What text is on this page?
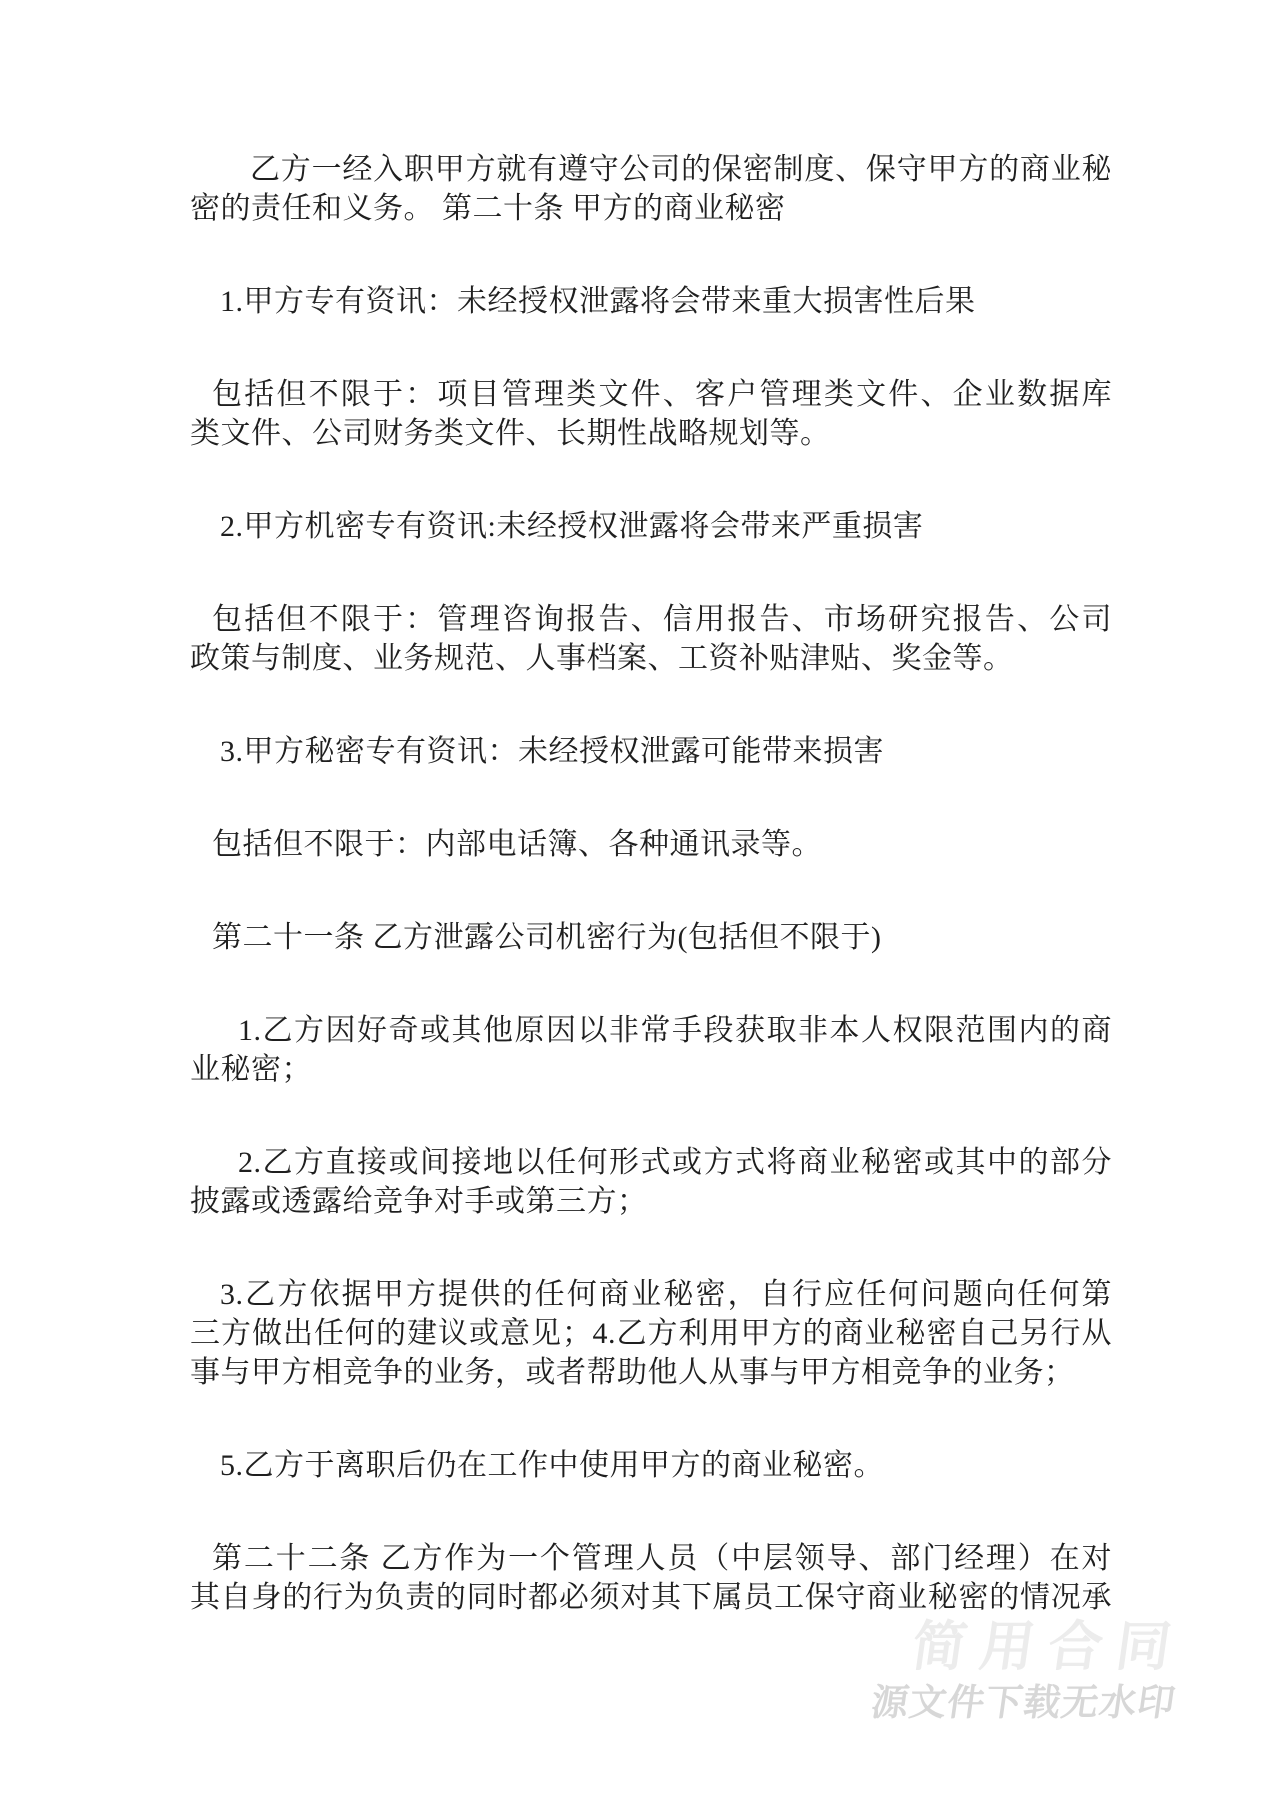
简用合同
源文件下载无水印
乙方一经入职甲方就有遵守公司的保密制度、保守甲方的商业秘
密的责任和义务。 第二十条 甲方的商业秘密
1.甲方专有资讯：未经授权泄露将会带来重大损害性后果
包括但不限于：项目管理类文件、客户管理类文件、企业数据库
类文件、公司财务类文件、长期性战略规划等。
2.甲方机密专有资讯:未经授权泄露将会带来严重损害
包括但不限于：管理咨询报告、信用报告、市场研究报告、公司
政策与制度、业务规范、人事档案、工资补贴津贴、奖金等。
3.甲方秘密专有资讯：未经授权泄露可能带来损害
包括但不限于：内部电话簿、各种通讯录等。
第二十一条 乙方泄露公司机密行为(包括但不限于)
1.乙方因好奇或其他原因以非常手段获取非本人权限范围内的商
业秘密；
2.乙方直接或间接地以任何形式或方式将商业秘密或其中的部分
披露或透露给竞争对手或第三方；
3.乙方依据甲方提供的任何商业秘密，自行应任何问题向任何第
三方做出任何的建议或意见；4.乙方利用甲方的商业秘密自己另行从
事与甲方相竞争的业务，或者帮助他人从事与甲方相竞争的业务；
5.乙方于离职后仍在工作中使用甲方的商业秘密。
第二十二条 乙方作为一个管理人员（中层领导、部门经理）在对
其自身的行为负责的同时都必须对其下属员工保守商业秘密的情况承
